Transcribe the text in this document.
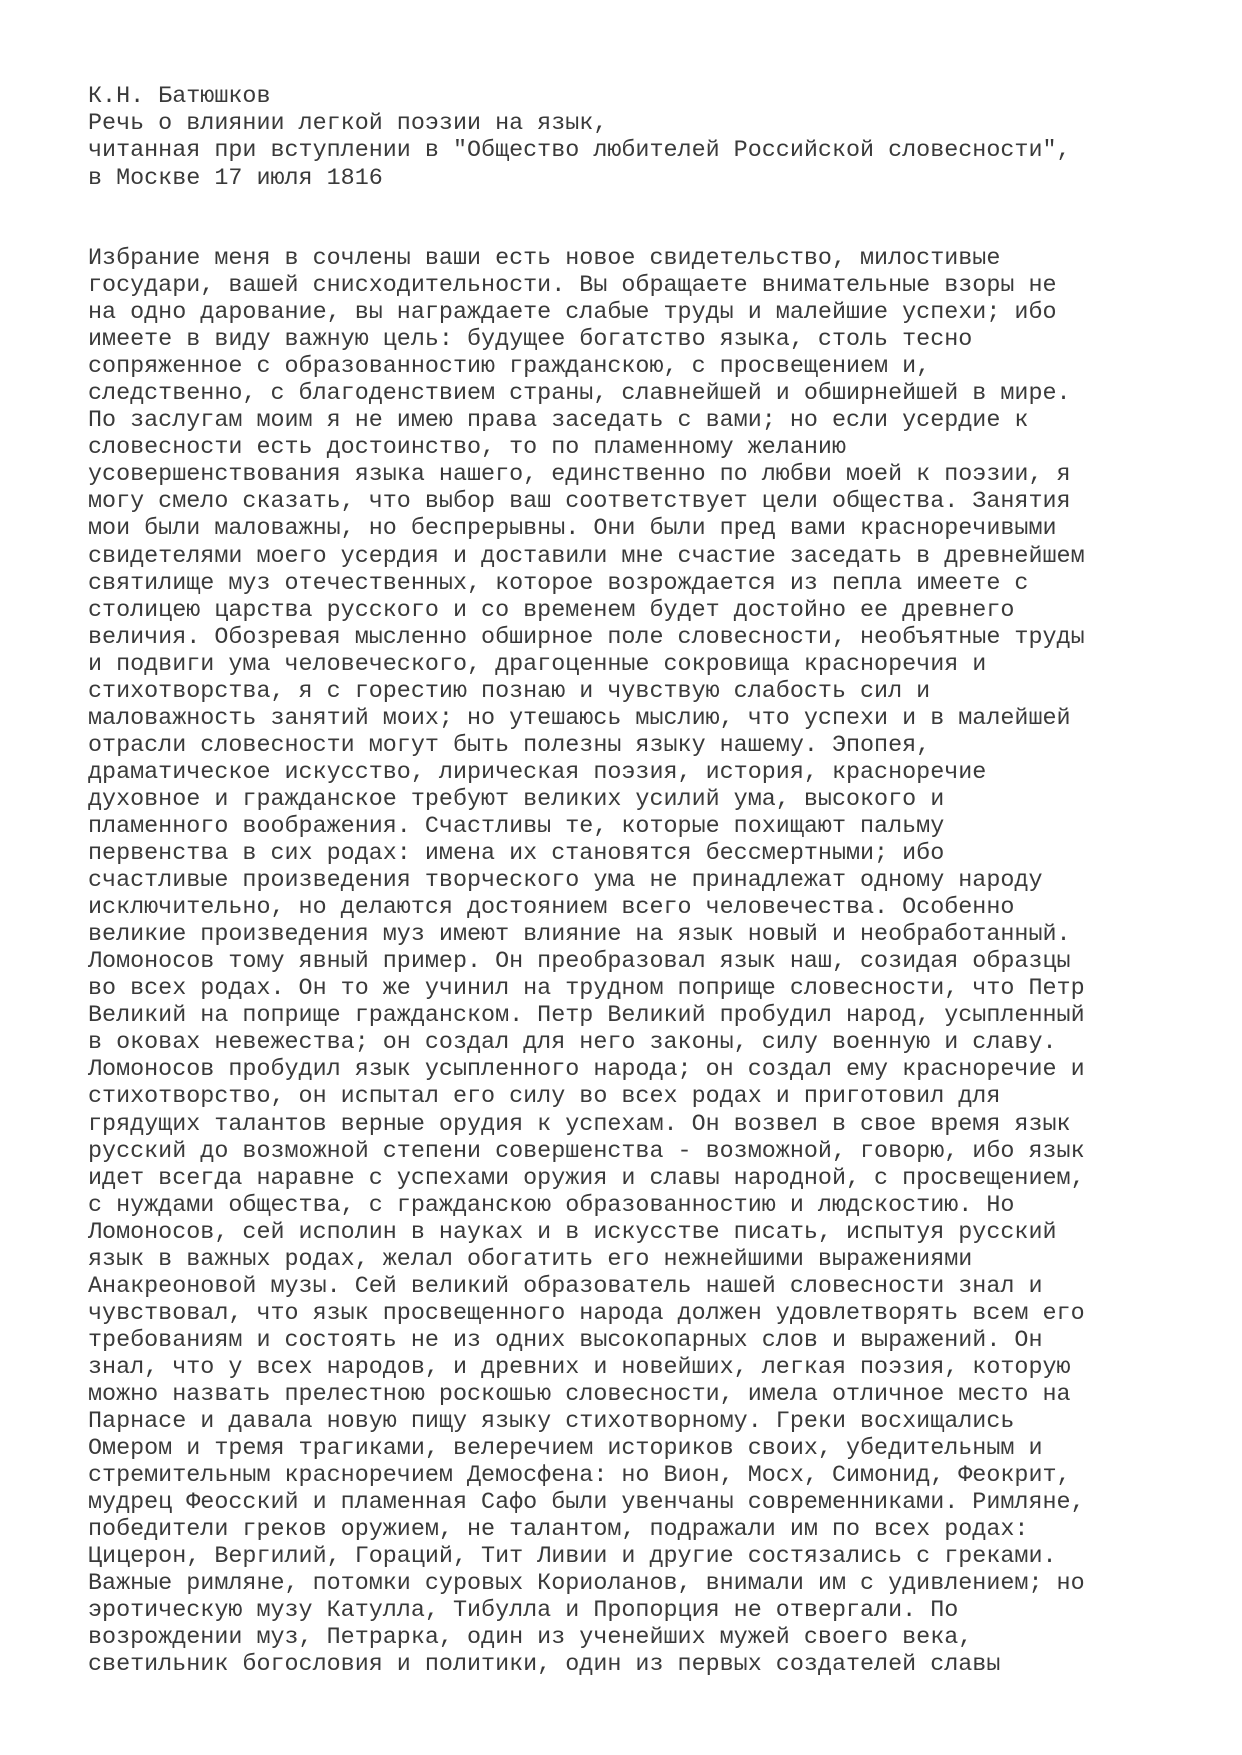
К.Н. Батюшков
Речь о влиянии легкой поэзии на язык,
читанная при вступлении в "Общество любителей Российской словесности",
в Москве 17 июля 1816
Избрание меня в сочлены ваши есть новое свидетельство, милостивые
государи, вашей снисходительности. Вы обращаете внимательные взоры не
на одно дарование, вы награждаете слабые труды и малейшие успехи; ибо
имеете в виду важную цель: будущее богатство языка, столь тесно
сопряженное с образованностию гражданскою, с просвещением и,
следственно, с благоденствием страны, славнейшей и обширнейшей в мире.
По заслугам моим я не имею права заседать с вами; но если усердие к
словесности есть достоинство, то по пламенному желанию
усовершенствования языка нашего, единственно по любви моей к поэзии, я
могу смело сказать, что выбор ваш соответствует цели общества. Занятия
мои были маловажны, но беспрерывны. Они были пред вами красноречивыми
свидетелями моего усердия и доставили мне счастие заседать в древнейшем
святилище муз отечественных, которое возрождается из пепла имеете с
столицею царства русского и со временем будет достойно ее древнего
величия. Обозревая мысленно обширное поле словесности, необъятные труды
и подвиги ума человеческого, драгоценные сокровища красноречия и
стихотворства, я с горестию познаю и чувствую слабость сил и
маловажность занятий моих; но утешаюсь мыслию, что успехи и в малейшей
отрасли словесности могут быть полезны языку нашему. Эпопея,
драматическое искусство, лирическая поэзия, история, красноречие
духовное и гражданское требуют великих усилий ума, высокого и
пламенного воображения. Счастливы те, которые похищают пальму
первенства в сих родах: имена их становятся бессмертными; ибо
счастливые произведения творческого ума не принадлежат одному народу
исключительно, но делаются достоянием всего человечества. Особенно
великие произведения муз имеют влияние на язык новый и необработанный.
Ломоносов тому явный пример. Он преобразовал язык наш, созидая образцы
во всех родах. Он то же учинил на трудном поприще словесности, что Петр
Великий на поприще гражданском. Петр Великий пробудил народ, усыпленный
в оковах невежества; он создал для него законы, силу военную и славу.
Ломоносов пробудил язык усыпленного народа; он создал ему красноречие и
стихотворство, он испытал его силу во всех родах и приготовил для
грядущих талантов верные орудия к успехам. Он возвел в свое время язык
русский до возможной степени совершенства - возможной, говорю, ибо язык
идет всегда наравне с успехами оружия и славы народной, с просвещением,
с нуждами общества, с гражданскою образованностию и людскостию. Но
Ломоносов, сей исполин в науках и в искусстве писать, испытуя русский
язык в важных родах, желал обогатить его нежнейшими выражениями
Анакреоновой музы. Сей великий образователь нашей словесности знал и
чувствовал, что язык просвещенного народа должен удовлетворять всем его
требованиям и состоять не из одних высокопарных слов и выражений. Он
знал, что у всех народов, и древних и новейших, легкая поэзия, которую
можно назвать прелестною роскошью словесности, имела отличное место на
Парнасе и давала новую пищу языку стихотворному. Греки восхищались
Омером и тремя трагиками, велеречием историков своих, убедительным и
стремительным красноречием Демосфена: но Вион, Мосх, Симонид, Феокрит,
мудрец Феосский и пламенная Сафо были увенчаны современниками. Римляне,
победители греков оружием, не талантом, подражали им по всех родах:
Цицерон, Вергилий, Гораций, Тит Ливии и другие состязались с греками.
Важные римляне, потомки суровых Кориоланов, внимали им с удивлением; но
эротическую музу Катулла, Тибулла и Пропорция не отвергали. По
возрождении муз, Петрарка, один из ученейших мужей своего века,
светильник богословия и политики, один из первых создателей славы
